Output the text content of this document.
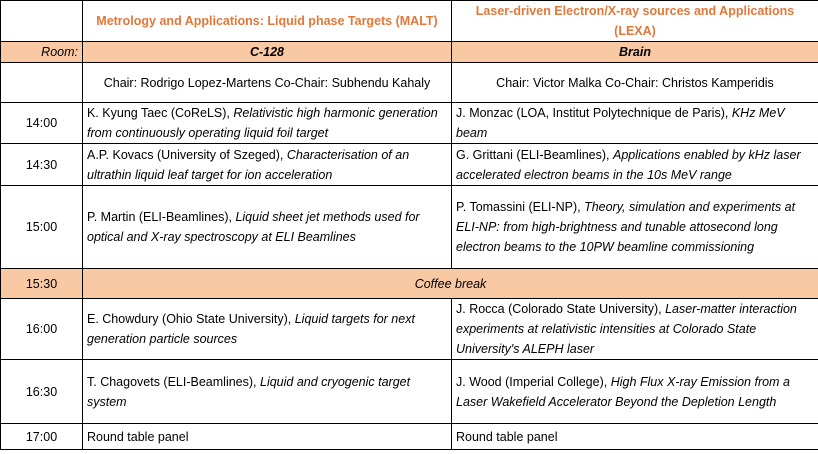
	Metrology and Applications: Liquid phase Targets (MALT)	Laser-driven Electron/X-ray sources and Applications (LEXA)
Room:	C-128	Brain
	Chair: Rodrigo Lopez-Martens Co-Chair: Subhendu Kahaly	Chair: Victor Malka Co-Chair: Christos Kamperidis
14:00	K. Kyung Taec (CoReLS), Relativistic high harmonic generation from continuously operating liquid foil target	J. Monzac (LOA, Institut Polytechnique de Paris), KHz MeV beam
14:30	A.P. Kovacs (University of Szeged), Characterisation of an ultrathin liquid leaf target for ion acceleration	G. Grittani (ELI-Beamlines), Applications enabled by kHz laser accelerated electron beams in the 10s MeV range
15:00	P. Martin (ELI-Beamlines), Liquid sheet jet methods used for optical and X-ray spectroscopy at ELI Beamlines	P. Tomassini (ELI-NP), Theory, simulation and experiments at ELI-NP: from high-brightness and tunable attosecond long electron beams to the 10PW beamline commissioning
15:30	Coffee break	
16:00	E. Chowdury (Ohio State University), Liquid targets for next generation particle sources	J. Rocca (Colorado State University), Laser-matter interaction experiments at relativistic intensities at Colorado State University's ALEPH laser
16:30	T. Chagovets (ELI-Beamlines), Liquid and cryogenic target system	J. Wood (Imperial College), High Flux X-ray Emission from a Laser Wakefield Accelerator Beyond the Depletion Length
17:00	Round table panel	Round table panel
